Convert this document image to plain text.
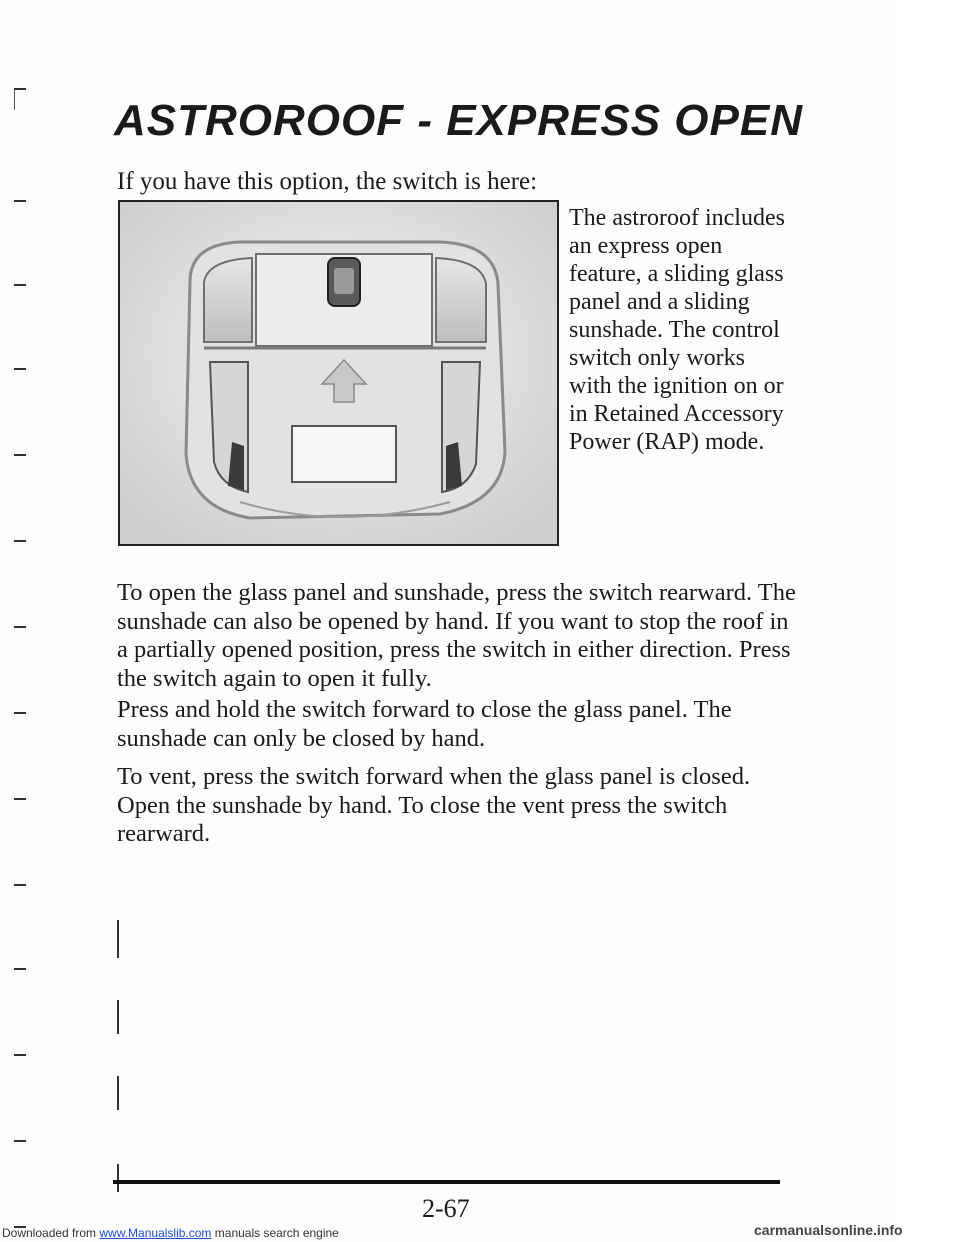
ASTROROOF - EXPRESS OPEN
If you have this option, the switch is here:
The astroroof includes an express open feature, a sliding glass panel and a sliding sunshade. The control switch only works with the ignition on or in Retained Accessory Power (RAP) mode.

To open the glass panel and sunshade, press the switch rearward. The sunshade can also be opened by hand. If you want to stop the roof in a partially opened position, press the switch in either direction. Press the switch again to open it fully.

Press and hold the switch forward to close the glass panel. The sunshade can only be closed by hand.

To vent, press the switch forward when the glass panel is closed. Open the sunshade by hand. To close the vent press the switch rearward.

2-67
Downloaded from www.Manualslib.com manuals search engine	carmanualsonline.info
